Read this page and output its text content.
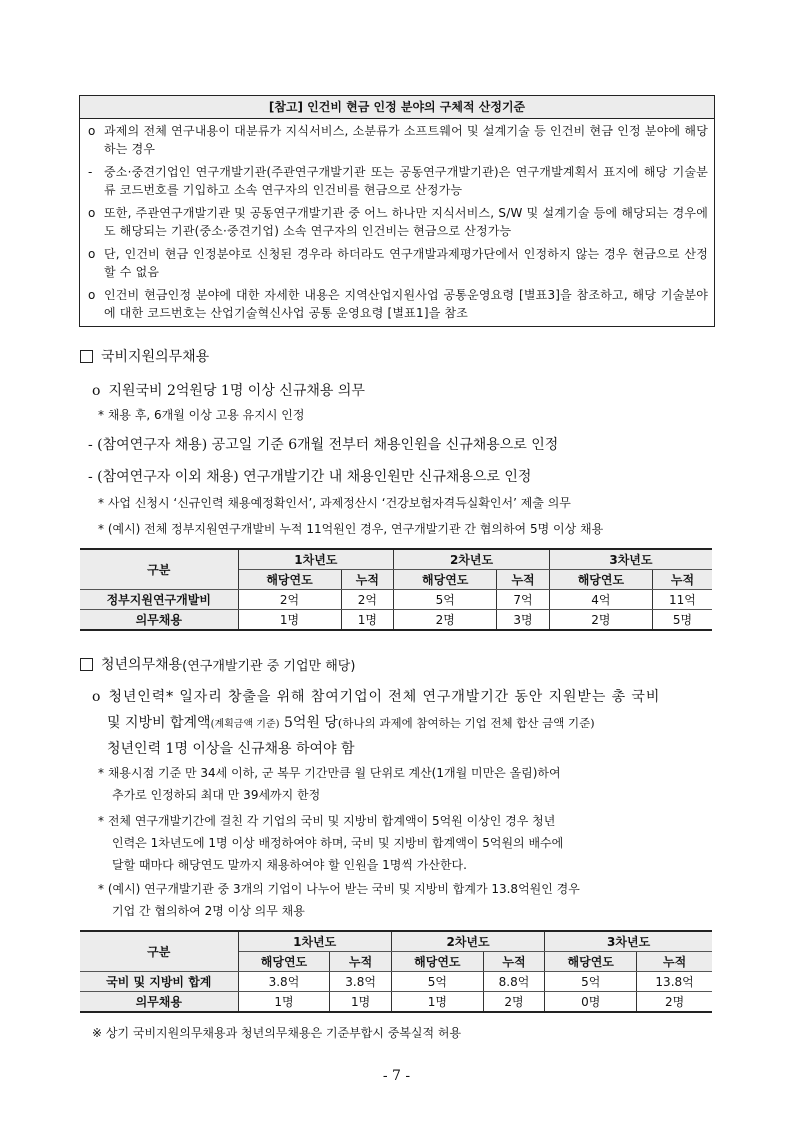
[참고] 인건비 현금 인정 분야의 구체적 산정기준
o 과제의 전체 연구내용이 대분류가 지식서비스, 소분류가 소프트웨어 및 설계기술 등 인건비 현금 인정 분야에 해당하는 경우
- 중소·중견기업인 연구개발기관(주관연구개발기관 또는 공동연구개발기관)은 연구개발계획서 표지에 해당 기술분류 코드번호를 기입하고 소속 연구자의 인건비를 현금으로 산정가능
o 또한, 주관연구개발기관 및 공동연구개발기관 중 어느 하나만 지식서비스, S/W 및 설계기술 등에 해당되는 경우에도 해당되는 기관(중소·중견기업) 소속 연구자의 인건비는 현금으로 산정가능
o 단, 인건비 현금 인정분야로 신청된 경우라 하더라도 연구개발과제평가단에서 인정하지 않는 경우 현금으로 산정할 수 없음
o 인건비 현금인정 분야에 대한 자세한 내용은 지역산업지원사업 공통운영요령 [별표3]을 참조하고, 해당 기술분야에 대한 코드번호는 산업기술혁신사업 공통 운영요령 [별표1]을 참조
국비지원의무채용
o 지원국비 2억원당 1명 이상 신규채용 의무
* 채용 후, 6개월 이상 고용 유지시 인정
- (참여연구자 채용) 공고일 기준 6개월 전부터 채용인원을 신규채용으로 인정
- (참여연구자 이외 채용) 연구개발기간 내 채용인원만 신규채용으로 인정
* 사업 신청시 ‘신규인력 채용예정확인서’, 과제정산시 ‘건강보험자격득실확인서’ 제출 의무
* (예시) 전체 정부지원연구개발비 누적 11억원인 경우, 연구개발기관 간 협의하여 5명 이상 채용
구분	1차년도		2차년도		3차년도	
	해당연도	누적	해당연도	누적	해당연도	누적
정부지원연구개발비	2억	2억	5억	7억	4억	11억
의무채용	1명	1명	2명	3명	2명	5명
청년의무채용 (연구개발기관 중 기업만 해당)
o 청년인력* 일자리 창출을 위해 참여기업이 전체 연구개발기간 동안 지원받는 총 국비
및 지방비 합계액(계획금액 기준) 5억원 당(하나의 과제에 참여하는 기업 전체 합산 금액 기준)
청년인력 1명 이상을 신규채용 하여야 함
* 채용시점 기준 만 34세 이하, 군 복무 기간만큼 월 단위로 계산(1개월 미만은 올림)하여
추가로 인정하되 최대 만 39세까지 한정
* 전체 연구개발기간에 걸친 각 기업의 국비 및 지방비 합계액이 5억원 이상인 경우 청년
인력은 1차년도에 1명 이상 배정하여야 하며, 국비 및 지방비 합계액이 5억원의 배수에
달할 때마다 해당연도 말까지 채용하여야 할 인원을 1명씩 가산한다.
* (예시) 연구개발기관 중 3개의 기업이 나누어 받는 국비 및 지방비 합계가 13.8억원인 경우
기업 간 협의하여 2명 이상 의무 채용
구분	1차년도		2차년도		3차년도	
	해당연도	누적	해당연도	누적	해당연도	누적
국비 및 지방비 합계	3.8억	3.8억	5억	8.8억	5억	13.8억
의무채용	1명	1명	1명	2명	0명	2명
※ 상기 국비지원의무채용과 청년의무채용은 기준부합시 중복실적 허용
- 7 -
